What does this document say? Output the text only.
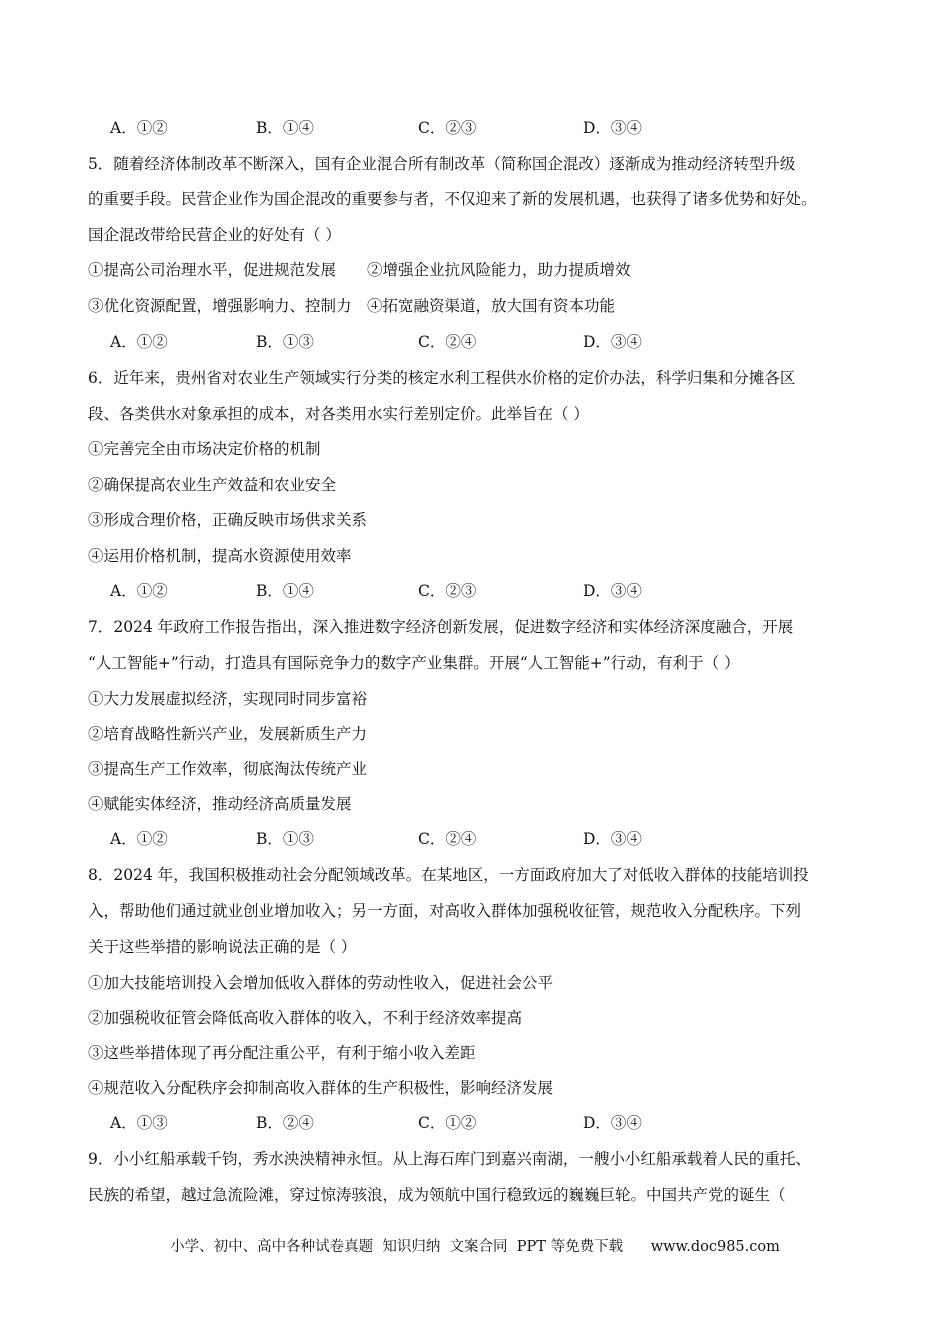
A．①②	B．①④	C．②③	D．③④
5．随着经济体制改革不断深入，国有企业混合所有制改革（简称国企混改）逐渐成为推动经济转型升级
的重要手段。民营企业作为国企混改的重要参与者，不仅迎来了新的发展机遇，也获得了诸多优势和好处。
国企混改带给民营企业的好处有（ ）
①提高公司治理水平，促进规范发展　　②增强企业抗风险能力，助力提质增效
③优化资源配置，增强影响力、控制力　④拓宽融资渠道，放大国有资本功能
A．①②	B．①③	C．②④	D．③④
6．近年来，贵州省对农业生产领域实行分类的核定水利工程供水价格的定价办法，科学归集和分摊各区
段、各类供水对象承担的成本，对各类用水实行差别定价。此举旨在（ ）
①完善完全由市场决定价格的机制
②确保提高农业生产效益和农业安全
③形成合理价格，正确反映市场供求关系
④运用价格机制，提高水资源使用效率
A．①②	B．①④	C．②③	D．③④
7．2024 年政府工作报告指出，深入推进数字经济创新发展，促进数字经济和实体经济深度融合，开展
“人工智能+”行动，打造具有国际竞争力的数字产业集群。开展“人工智能+”行动，有利于（ ）
①大力发展虚拟经济，实现同时同步富裕
②培育战略性新兴产业，发展新质生产力
③提高生产工作效率，彻底淘汰传统产业
④赋能实体经济，推动经济高质量发展
A．①②	B．①③	C．②④	D．③④
8．2024 年，我国积极推动社会分配领域改革。在某地区，一方面政府加大了对低收入群体的技能培训投
入，帮助他们通过就业创业增加收入；另一方面，对高收入群体加强税收征管，规范收入分配秩序。下列
关于这些举措的影响说法正确的是（ ）
①加大技能培训投入会增加低收入群体的劳动性收入，促进社会公平
②加强税收征管会降低高收入群体的收入，不利于经济效率提高
③这些举措体现了再分配注重公平，有利于缩小收入差距
④规范收入分配秩序会抑制高收入群体的生产积极性，影响经济发展
A．①③	B．②④	C．①②	D．③④
9．小小红船承载千钧，秀水泱泱精神永恒。从上海石库门到嘉兴南湖，一艘小小红船承载着人民的重托、
民族的希望，越过急流险滩，穿过惊涛骇浪，成为领航中国行稳致远的巍巍巨轮。中国共产党的诞生（
小学、初中、高中各种试卷真题  知识归纳  文案合同  PPT 等免费下载      www.doc985.com
